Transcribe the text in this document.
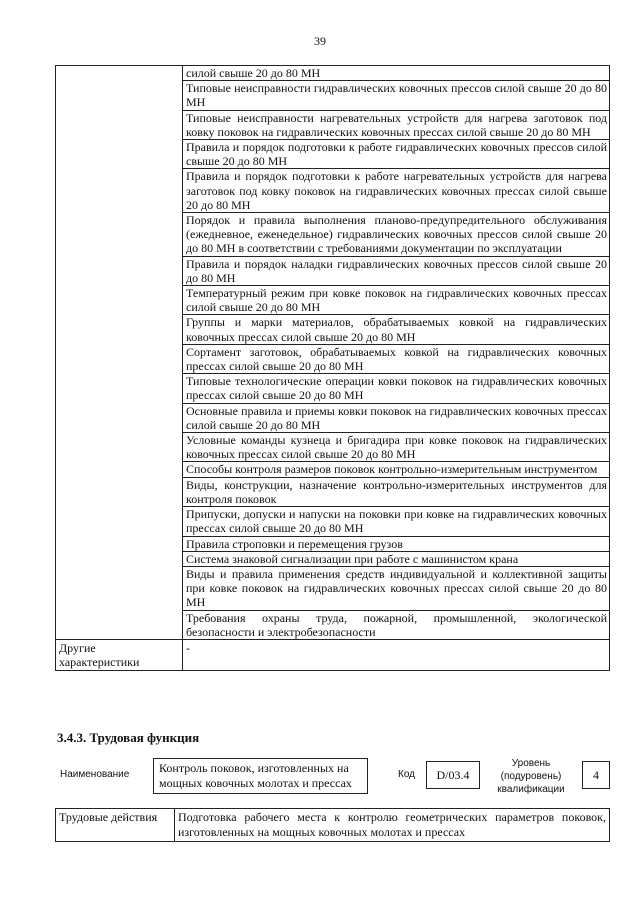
39
	силой свыше 20 до 80 МН
	Типовые неисправности гидравлических ковочных прессов силой свыше 20 до 80 МН
	Типовые неисправности нагревательных устройств для нагрева заготовок под ковку поковок на гидравлических ковочных прессах силой свыше 20 до 80 МН
	Правила и порядок подготовки к работе гидравлических ковочных прессов силой свыше 20 до 80 МН
	Правила и порядок подготовки к работе нагревательных устройств для нагрева заготовок под ковку поковок на гидравлических ковочных прессах силой свыше 20 до 80 МН
	Порядок и правила выполнения планово-предупредительного обслуживания (ежедневное, еженедельное) гидравлических ковочных прессов силой свыше 20 до 80 МН в соответствии с требованиями документации по эксплуатации
	Правила и порядок наладки гидравлических ковочных прессов силой свыше 20 до 80 МН
	Температурный режим при ковке поковок на гидравлических ковочных прессах силой свыше 20 до 80 МН
	Группы и марки материалов, обрабатываемых ковкой на гидравлических ковочных прессах силой свыше 20 до 80 МН
	Сортамент заготовок, обрабатываемых ковкой на гидравлических ковочных прессах силой свыше 20 до 80 МН
	Типовые технологические операции ковки поковок на гидравлических ковочных прессах силой свыше 20 до 80 МН
	Основные правила и приемы ковки поковок на гидравлических ковочных прессах силой свыше 20 до 80 МН
	Условные команды кузнеца и бригадира при ковке поковок на гидравлических ковочных прессах силой свыше 20 до 80 МН
	Способы контроля размеров поковок контрольно-измерительным инструментом
	Виды, конструкции, назначение контрольно-измерительных инструментов для контроля поковок
	Припуски, допуски и напуски на поковки при ковке на гидравлических ковочных прессах силой свыше 20 до 80 МН
	Правила строповки и перемещения грузов
	Система знаковой сигнализации при работе с машинистом крана
	Виды и правила применения средств индивидуальной и коллективной защиты при ковке поковок на гидравлических ковочных прессах силой свыше 20 до 80 МН
	Требования охраны труда, пожарной, промышленной, экологической безопасности и электробезопасности
Другие характеристики	-
3.4.3. Трудовая функция
Наименование	Контроль поковок, изготовленных на мощных ковочных молотах и прессах
Код	D/03.4
Уровень (подуровень) квалификации
4
Трудовые действия	Подготовка рабочего места к контролю геометрических параметров поковок, изготовленных на мощных ковочных молотах и прессах
